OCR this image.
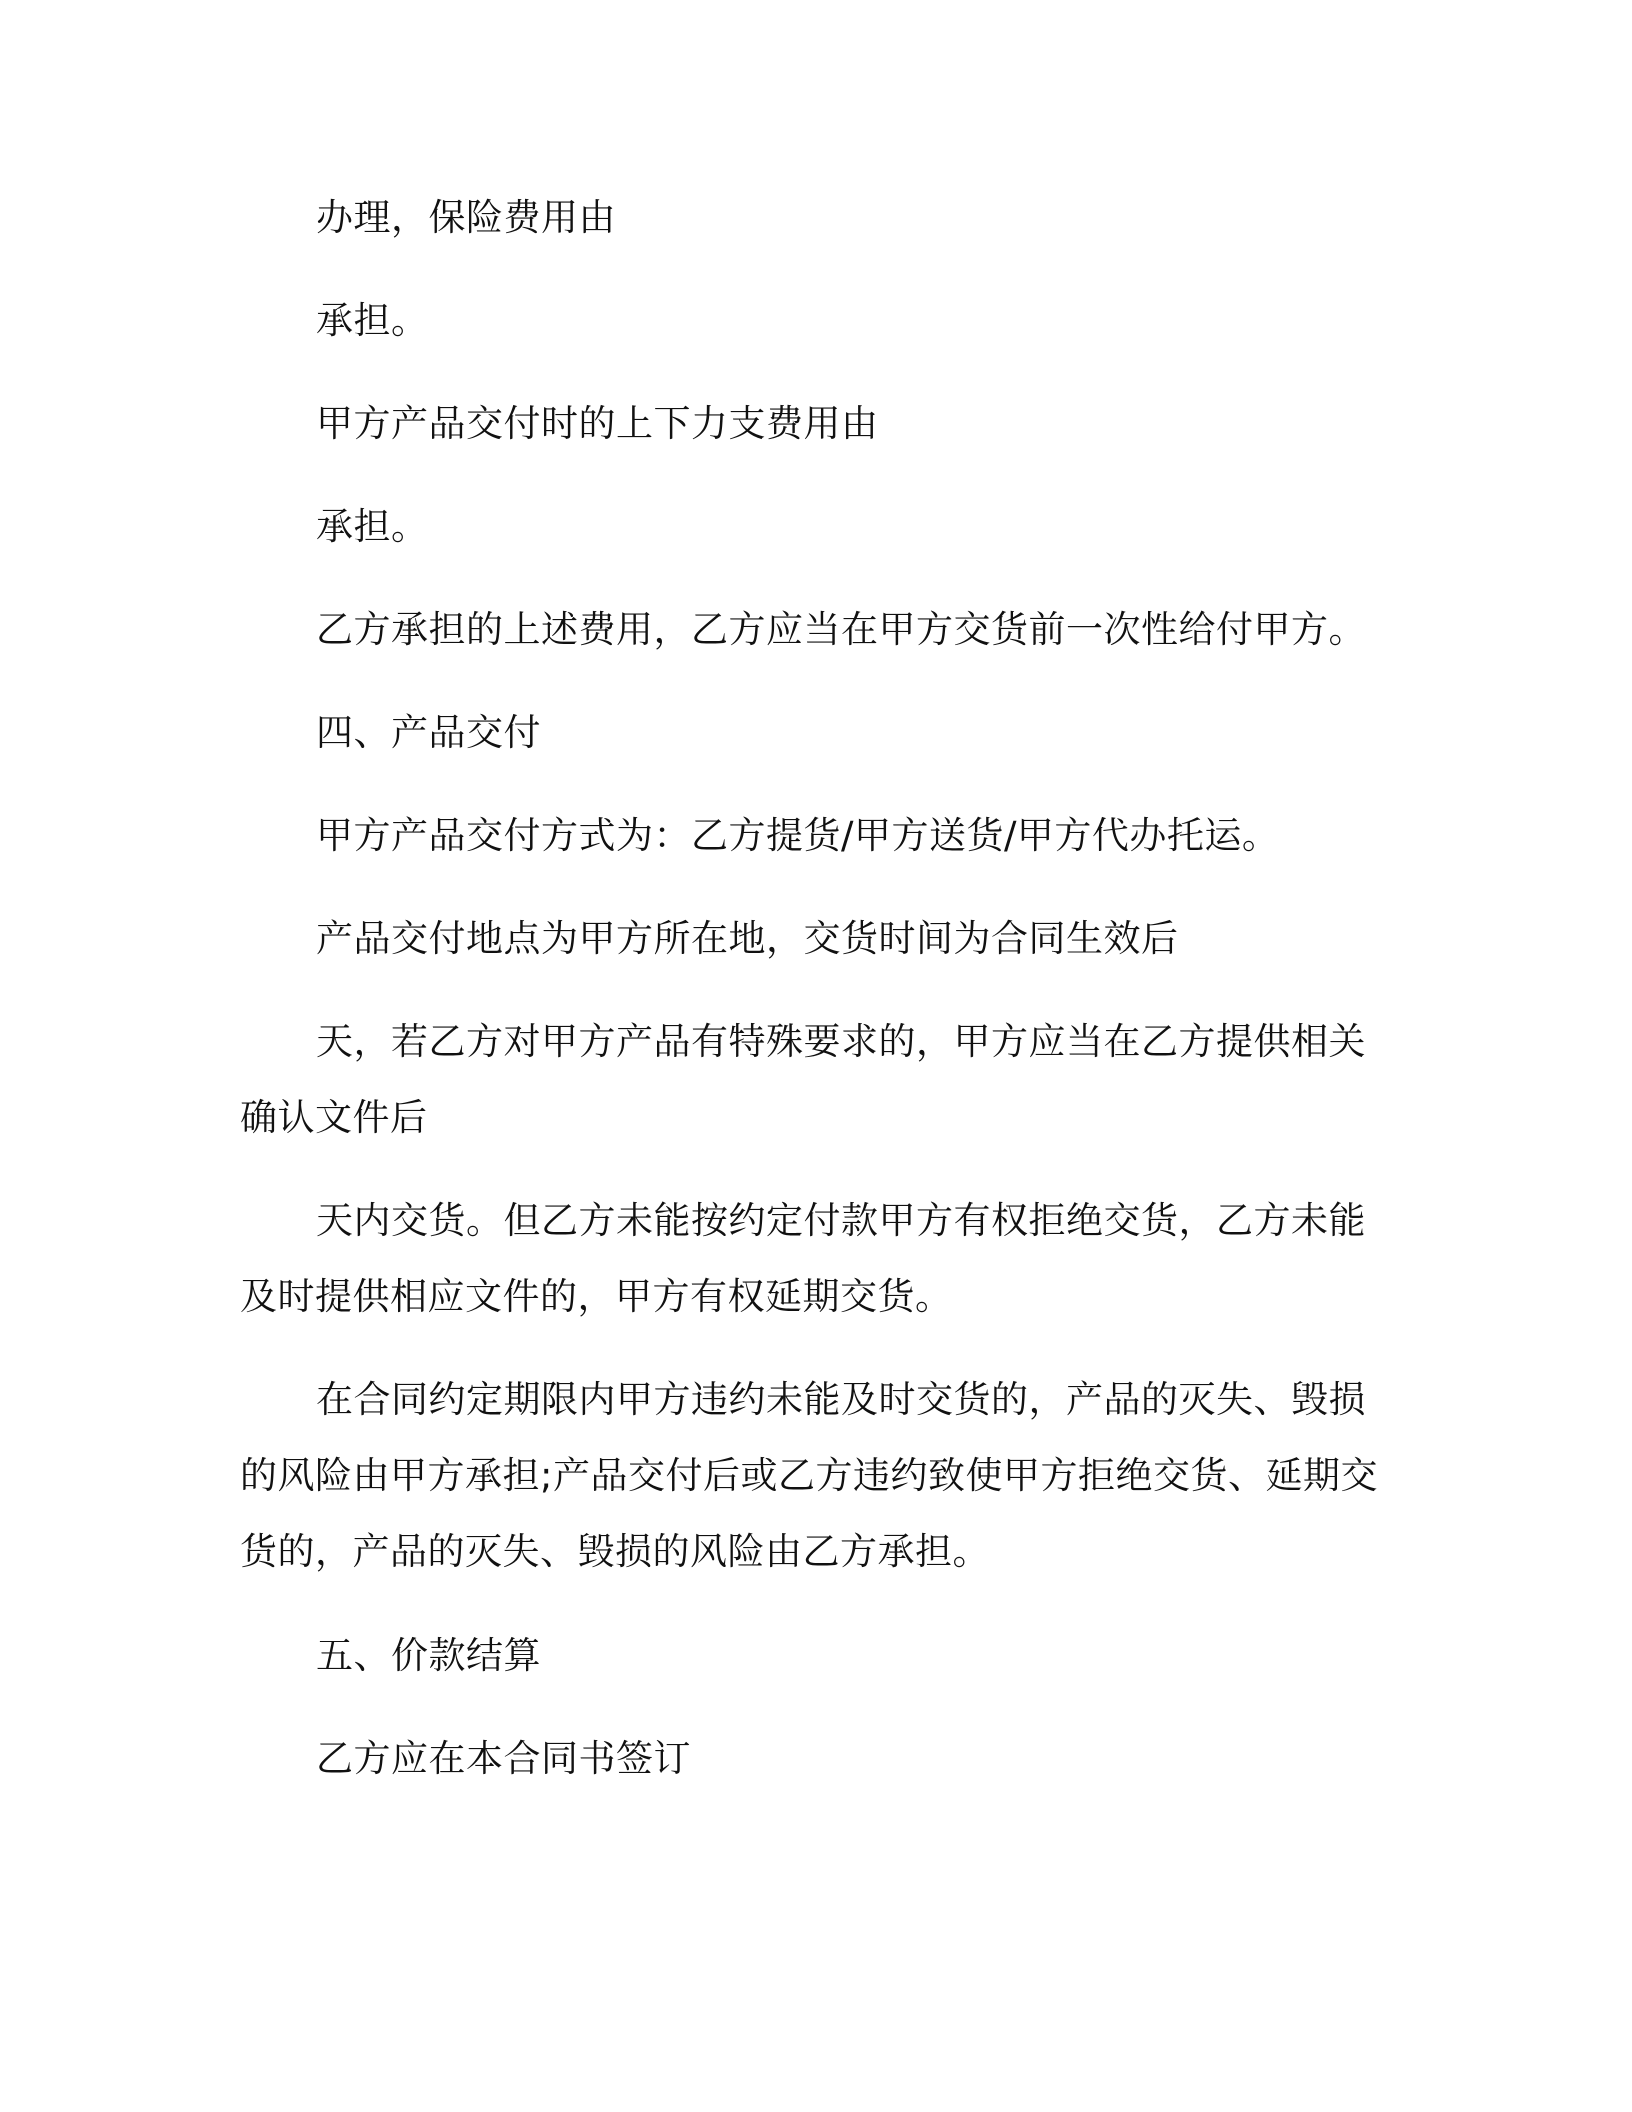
办理，保险费用由
承担。
甲方产品交付时的上下力支费用由
承担。
乙方承担的上述费用，乙方应当在甲方交货前一次性给付甲方。
四、产品交付
甲方产品交付方式为：乙方提货/甲方送货/甲方代办托运。
产品交付地点为甲方所在地，交货时间为合同生效后
天，若乙方对甲方产品有特殊要求的，甲方应当在乙方提供相关
确认文件后
天内交货。但乙方未能按约定付款甲方有权拒绝交货，乙方未能
及时提供相应文件的，甲方有权延期交货。
在合同约定期限内甲方违约未能及时交货的，产品的灭失、毁损
的风险由甲方承担;产品交付后或乙方违约致使甲方拒绝交货、延期交
货的，产品的灭失、毁损的风险由乙方承担。
五、价款结算
乙方应在本合同书签订
